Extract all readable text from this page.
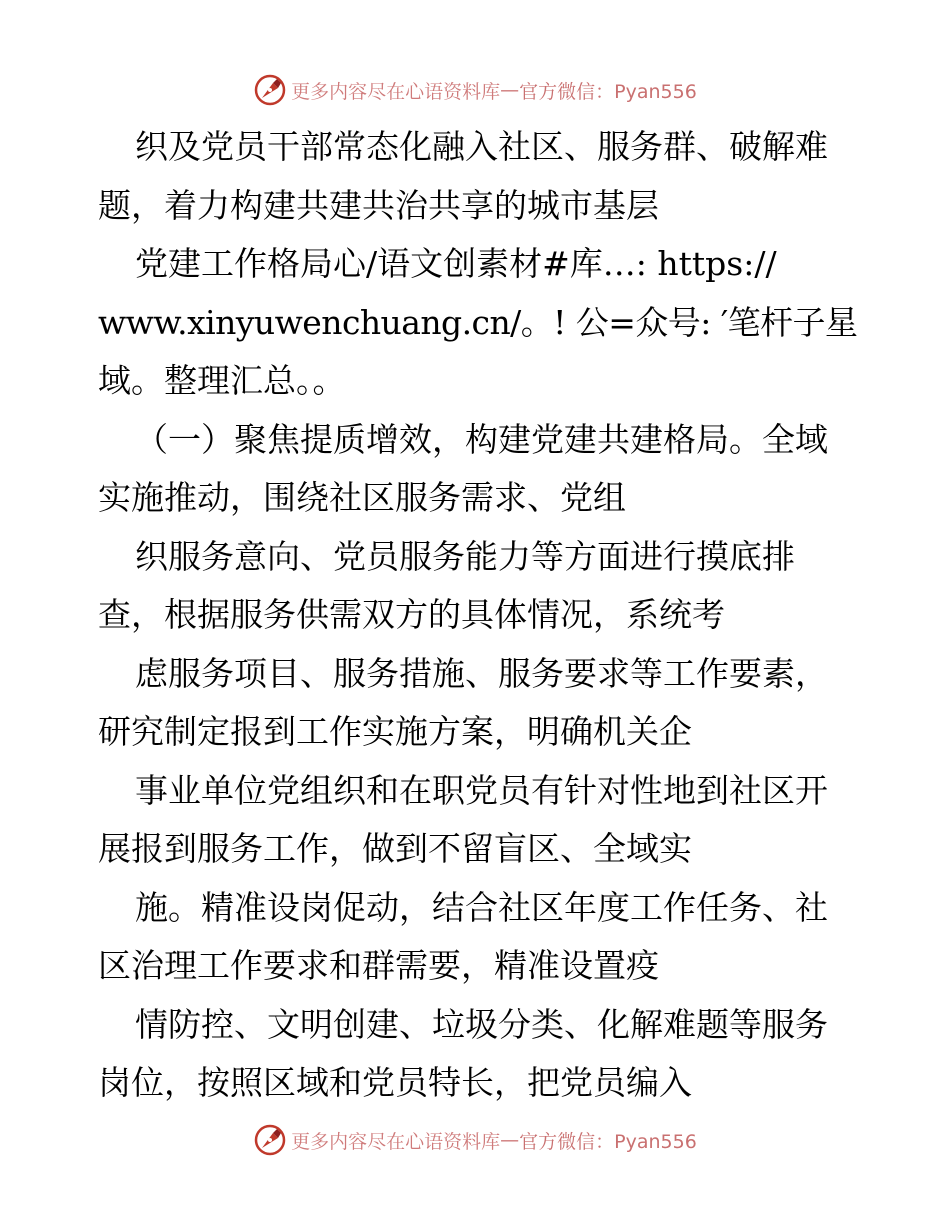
更多内容尽在心语资料库 — 官方微信：Pyan556
织及党员干部常态化融入社区、服务群、破解难
题，着力构建共建共治共享的城市基层
党建工作格局心/语文创素材#库…: https://
www.xinyuwenchuang.cn/。! 公=众号: ′笔杆子星
域。整理汇总。。
（一）聚焦提质增效，构建党建共建格局。全域
实施推动，围绕社区服务需求、党组
织服务意向、党员服务能力等方面进行摸底排
查，根据服务供需双方的具体情况，系统考
虑服务项目、服务措施、服务要求等工作要素，
研究制定报到工作实施方案，明确机关企
事业单位党组织和在职党员有针对性地到社区开
展报到服务工作，做到不留盲区、全域实
施。精准设岗促动，结合社区年度工作任务、社
区治理工作要求和群需要，精准设置疫
情防控、文明创建、垃圾分类、化解难题等服务
岗位，按照区域和党员特长，把党员编入
更多内容尽在心语资料库 — 官方微信：Pyan556
